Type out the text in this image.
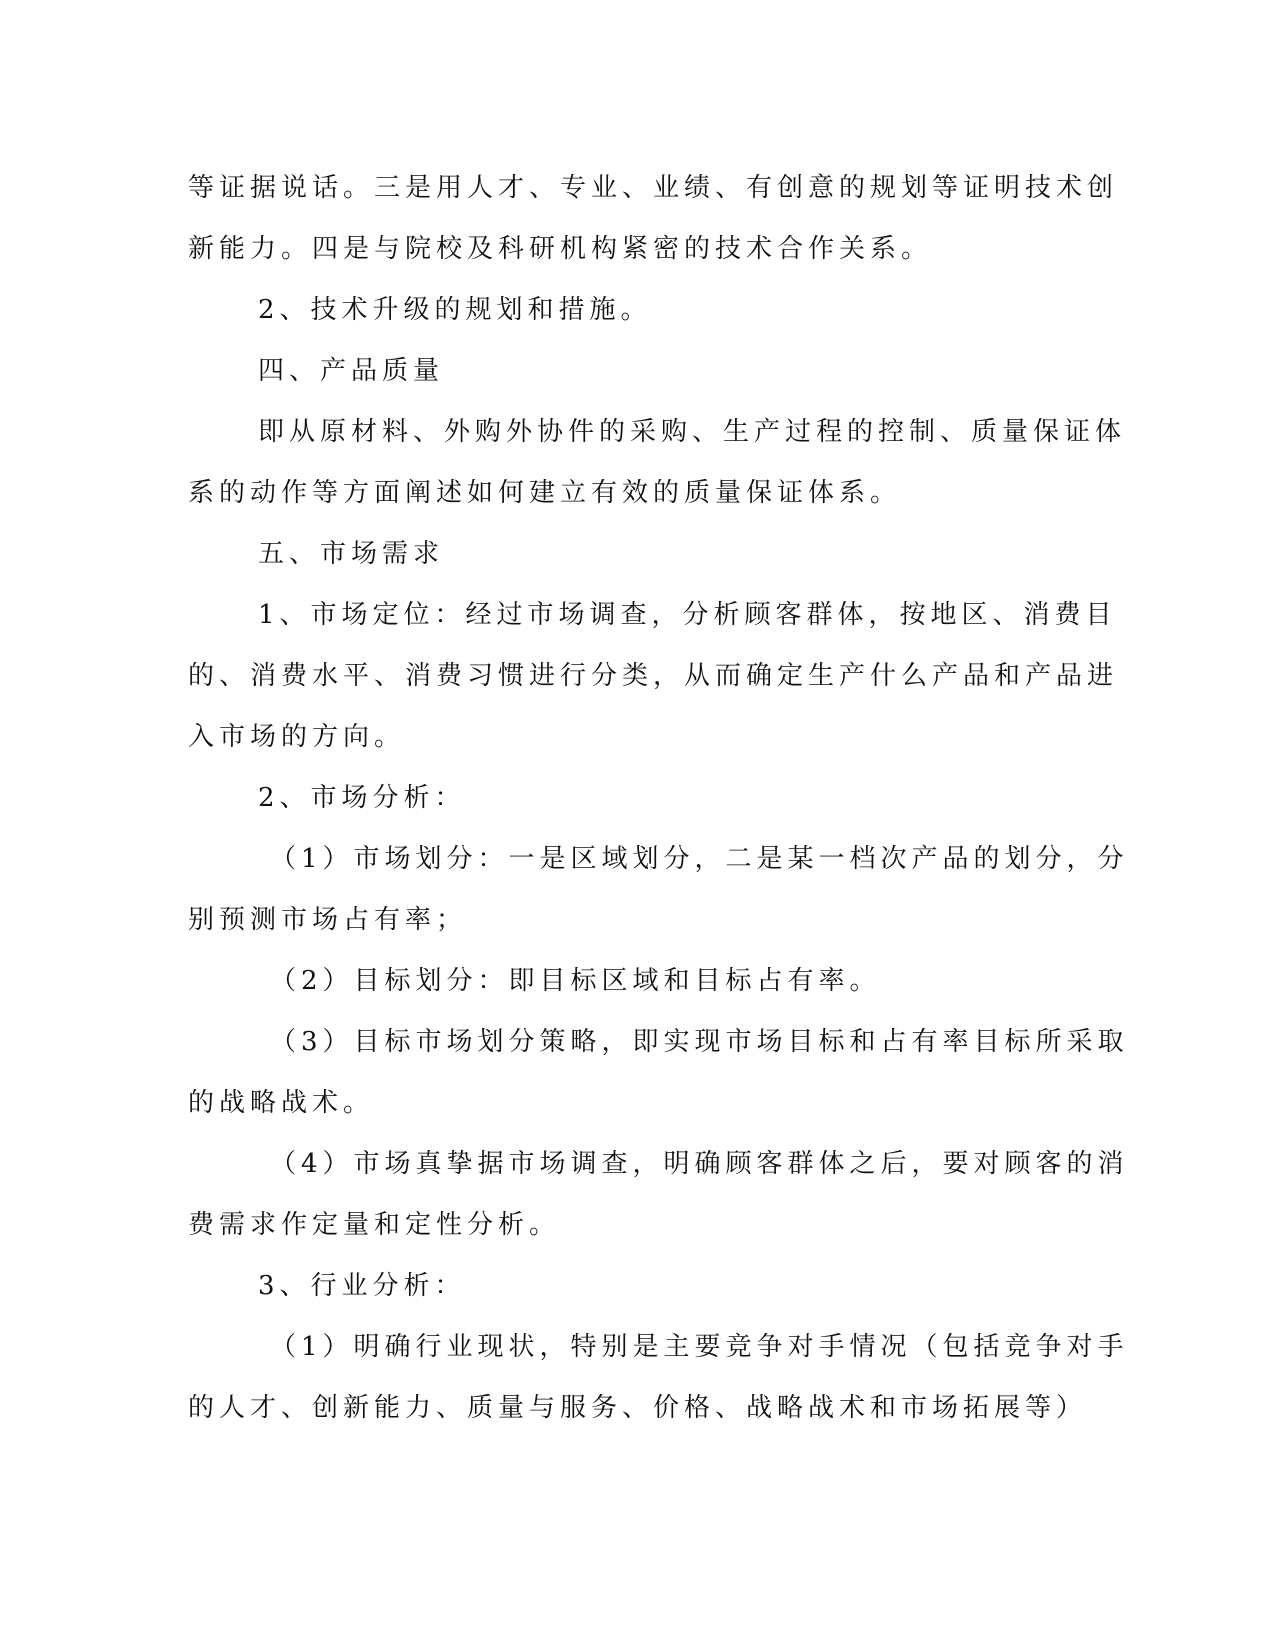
等证据说话。三是用人才、专业、业绩、有创意的规划等证明技术创

新能力。四是与院校及科研机构紧密的技术合作关系。

2、技术升级的规划和措施。

四、产品质量

即从原材料、外购外协件的采购、生产过程的控制、质量保证体

系的动作等方面阐述如何建立有效的质量保证体系。

五、市场需求

1、市场定位：经过市场调查，分析顾客群体，按地区、消费目

的、消费水平、消费习惯进行分类，从而确定生产什么产品和产品进

入市场的方向。

2、市场分析：

（1）市场划分：一是区域划分，二是某一档次产品的划分，分

别预测市场占有率；

（2）目标划分：即目标区域和目标占有率。

（3）目标市场划分策略，即实现市场目标和占有率目标所采取

的战略战术。

（4）市场真挚据市场调查，明确顾客群体之后，要对顾客的消

费需求作定量和定性分析。

3、行业分析：

（1）明确行业现状，特别是主要竞争对手情况（包括竞争对手

的人才、创新能力、质量与服务、价格、战略战术和市场拓展等）
